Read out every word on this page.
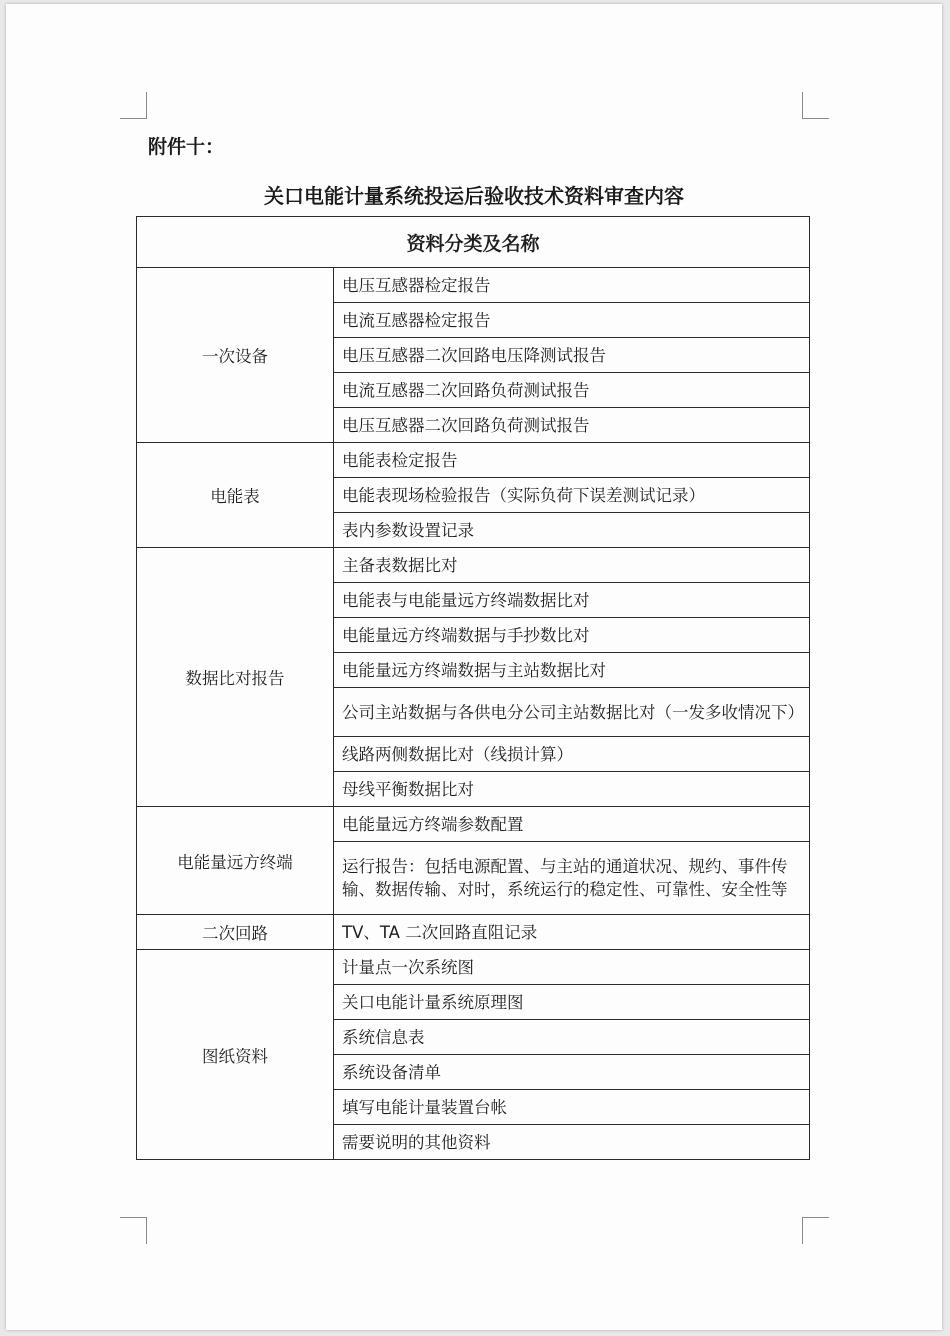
附件十：
关口电能计量系统投运后验收技术资料审查内容
资料分类及名称	
一次设备	电压互感器检定报告
	电流互感器检定报告
	电压互感器二次回路电压降测试报告
	电流互感器二次回路负荷测试报告
	电压互感器二次回路负荷测试报告
电能表	电能表检定报告
	电能表现场检验报告（实际负荷下误差测试记录）
	表内参数设置记录
数据比对报告	主备表数据比对
	电能表与电能量远方终端数据比对
	电能量远方终端数据与手抄数比对
	电能量远方终端数据与主站数据比对
	公司主站数据与各供电分公司主站数据比对（一发多收情况下）
	线路两侧数据比对（线损计算）
	母线平衡数据比对
电能量远方终端	电能量远方终端参数配置
	运行报告：包括电源配置、与主站的通道状况、规约、事件传输、数据传输、对时，系统运行的稳定性、可靠性、安全性等
二次回路	TV、TA 二次回路直阻记录
图纸资料	计量点一次系统图
	关口电能计量系统原理图
	系统信息表
	系统设备清单
	填写电能计量装置台帐
	需要说明的其他资料
